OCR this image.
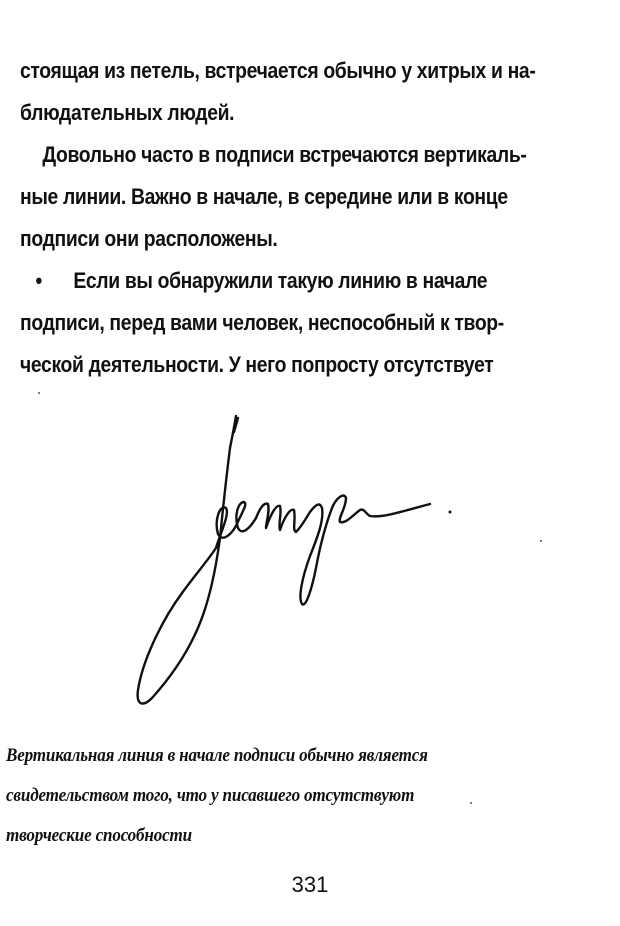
стоящая из петель, встречается обычно у хитрых и на-
блюдательных людей.
Довольно часто в подписи встречаются вертикаль-
ные линии. Важно в начале, в середине или в конце
подписи они расположены.
• Если вы обнаружили такую линию в начале
подписи, перед вами человек, неспособный к твор-
ческой деятельности. У него попросту отсутствует
Вертикальная линия в начале подписи обычно является
свидетельством того, что у писавшего отсутствуют
творческие способности
331
